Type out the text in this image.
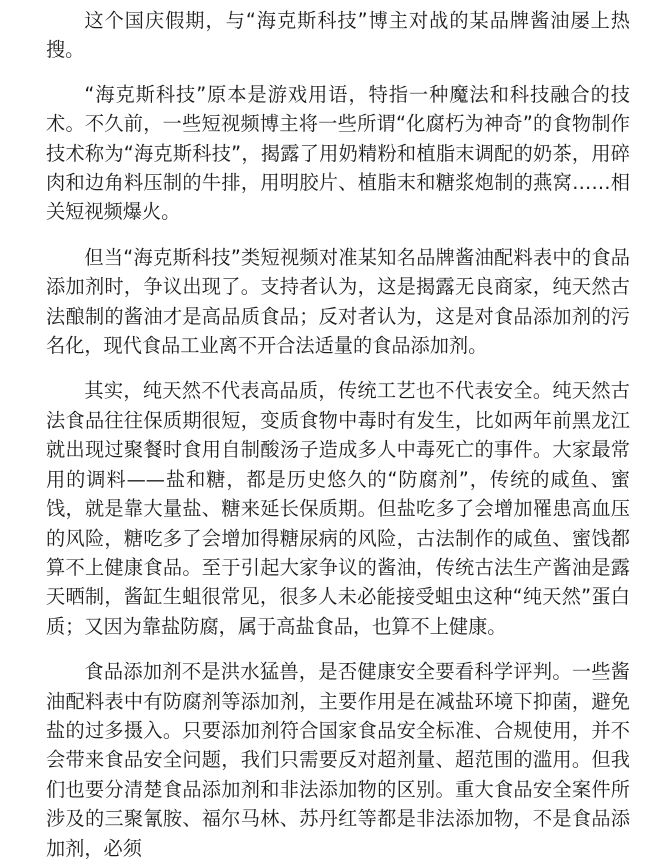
这个国庆假期，与“海克斯科技”博主对战的某品牌酱油屡上热搜。

“海克斯科技”原本是游戏用语，特指一种魔法和科技融合的技术。不久前，一些短视频博主将一些所谓“化腐朽为神奇”的食物制作技术称为“海克斯科技”，揭露了用奶精粉和植脂末调配的奶茶，用碎肉和边角料压制的牛排，用明胶片、植脂末和糖浆炮制的燕窝……相关短视频爆火。

但当“海克斯科技”类短视频对准某知名品牌酱油配料表中的食品添加剂时，争议出现了。支持者认为，这是揭露无良商家，纯天然古法酿制的酱油才是高品质食品；反对者认为，这是对食品添加剂的污名化，现代食品工业离不开合法适量的食品添加剂。

其实，纯天然不代表高品质，传统工艺也不代表安全。纯天然古法食品往往保质期很短，变质食物中毒时有发生，比如两年前黑龙江就出现过聚餐时食用自制酸汤子造成多人中毒死亡的事件。大家最常用的调料——盐和糖，都是历史悠久的“防腐剂”，传统的咸鱼、蜜饯，就是靠大量盐、糖来延长保质期。但盐吃多了会增加罹患高血压的风险，糖吃多了会增加得糖尿病的风险，古法制作的咸鱼、蜜饯都算不上健康食品。至于引起大家争议的酱油，传统古法生产酱油是露天晒制，酱缸生蛆很常见，很多人未必能接受蛆虫这种“纯天然”蛋白质；又因为靠盐防腐，属于高盐食品，也算不上健康。

食品添加剂不是洪水猛兽，是否健康安全要看科学评判。一些酱油配料表中有防腐剂等添加剂，主要作用是在减盐环境下抑菌，避免盐的过多摄入。只要添加剂符合国家食品安全标准、合规使用，并不会带来食品安全问题，我们只需要反对超剂量、超范围的滥用。但我们也要分清楚食品添加剂和非法添加物的区别。重大食品安全案件所涉及的三聚氰胺、福尔马林、苏丹红等都是非法添加物，不是食品添加剂，必须
